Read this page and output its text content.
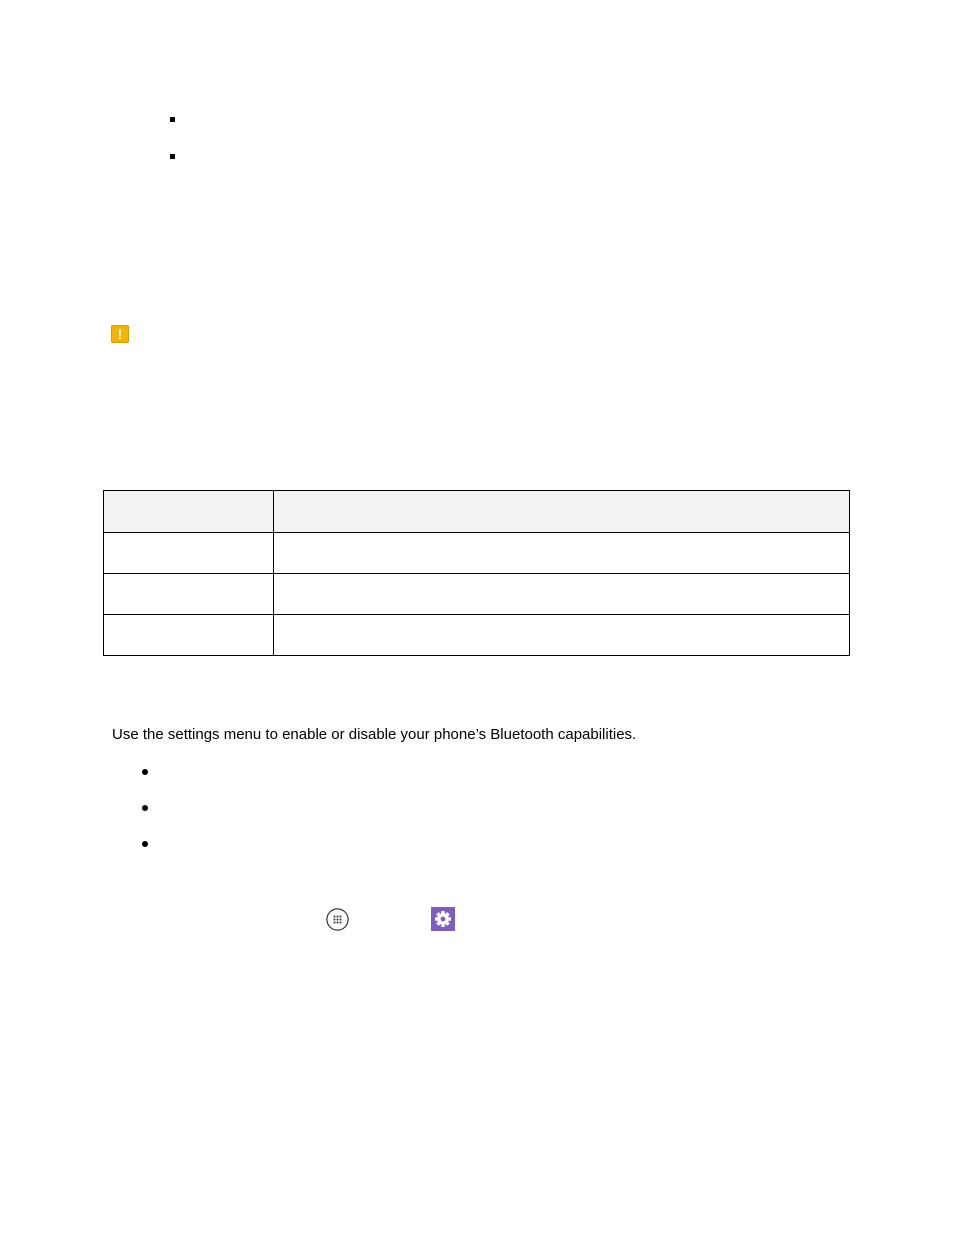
!

Use the settings menu to enable or disable your phone’s Bluetooth capabilities.
